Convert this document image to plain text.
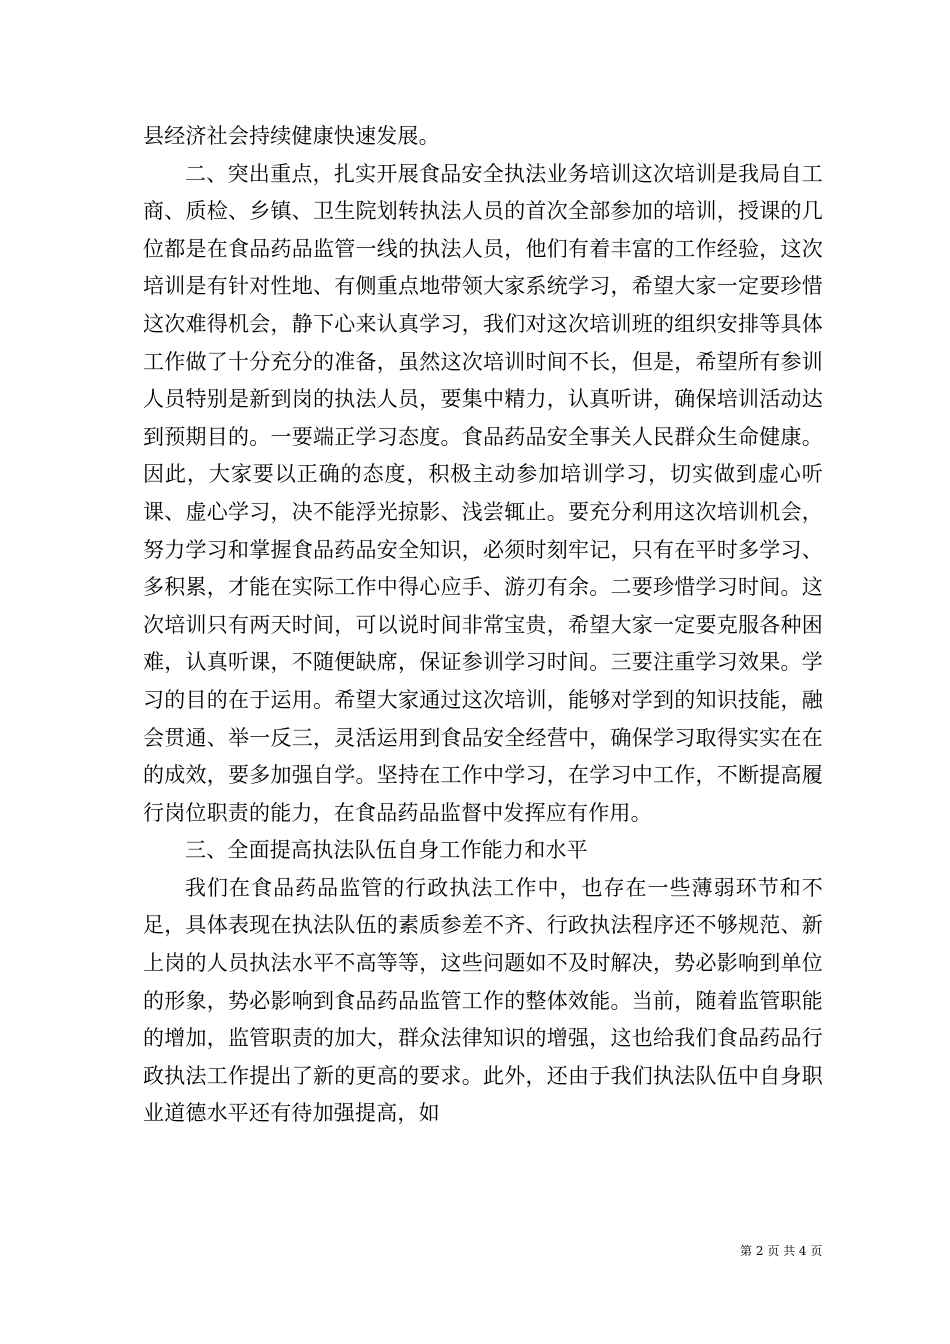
县经济社会持续健康快速发展。

二、突出重点，扎实开展食品安全执法业务培训这次培训是我局自工商、质检、乡镇、卫生院划转执法人员的首次全部参加的培训，授课的几位都是在食品药品监管一线的执法人员，他们有着丰富的工作经验，这次培训是有针对性地、有侧重点地带领大家系统学习，希望大家一定要珍惜这次难得机会，静下心来认真学习，我们对这次培训班的组织安排等具体工作做了十分充分的准备，虽然这次培训时间不长，但是，希望所有参训人员特别是新到岗的执法人员，要集中精力，认真听讲，确保培训活动达到预期目的。一要端正学习态度。食品药品安全事关人民群众生命健康。因此，大家要以正确的态度，积极主动参加培训学习，切实做到虚心听课、虚心学习，决不能浮光掠影、浅尝辄止。要充分利用这次培训机会，努力学习和掌握食品药品安全知识，必须时刻牢记，只有在平时多学习、多积累，才能在实际工作中得心应手、游刃有余。二要珍惜学习时间。这次培训只有两天时间，可以说时间非常宝贵，希望大家一定要克服各种困难，认真听课，不随便缺席，保证参训学习时间。三要注重学习效果。学习的目的在于运用。希望大家通过这次培训，能够对学到的知识技能，融会贯通、举一反三，灵活运用到食品安全经营中，确保学习取得实实在在的成效，要多加强自学。坚持在工作中学习，在学习中工作，不断提高履行岗位职责的能力，在食品药品监督中发挥应有作用。

三、全面提高执法队伍自身工作能力和水平

我们在食品药品监管的行政执法工作中，也存在一些薄弱环节和不足，具体表现在执法队伍的素质参差不齐、行政执法程序还不够规范、新上岗的人员执法水平不高等等，这些问题如不及时解决，势必影响到单位的形象，势必影响到食品药品监管工作的整体效能。当前，随着监管职能的增加，监管职责的加大，群众法律知识的增强，这也给我们食品药品行政执法工作提出了新的更高的要求。此外，还由于我们执法队伍中自身职业道德水平还有待加强提高，如

第 2 页 共 4 页
